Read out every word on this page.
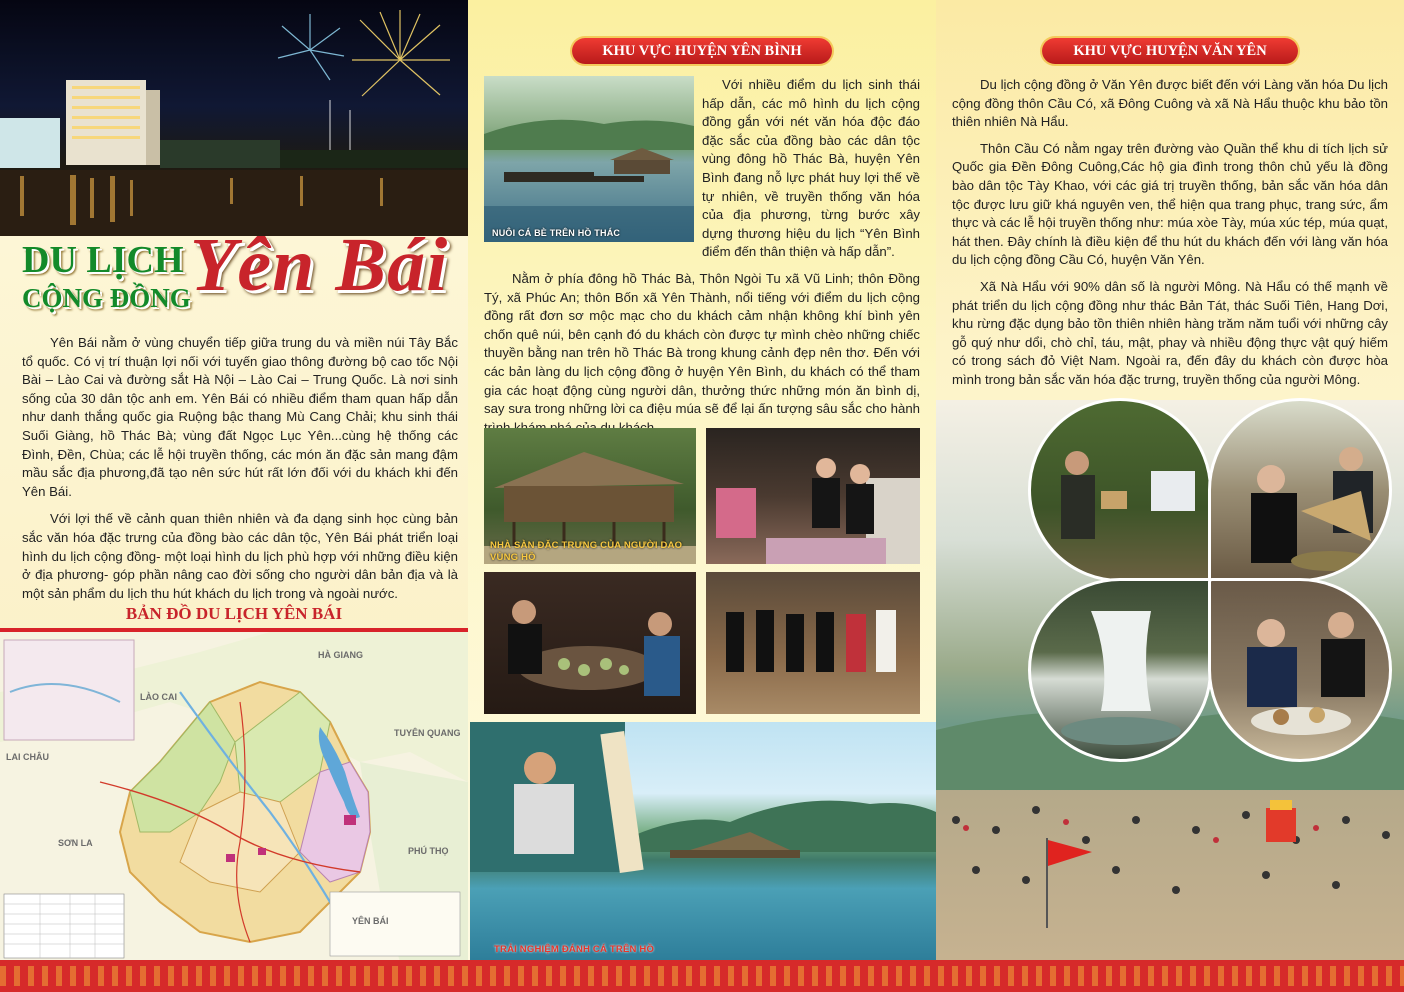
DU LỊCH
CỘNG ĐỒNG Yên Bái

Yên Bái nằm ở vùng chuyển tiếp giữa trung du và miền núi Tây Bắc tổ quốc. Có vị trí thuận lợi nối với tuyến giao thông đường bộ cao tốc Nội Bài – Lào Cai và đường sắt Hà Nội – Lào Cai – Trung Quốc. Là nơi sinh sống của 30 dân tộc anh em. Yên Bái có nhiều điểm tham quan hấp dẫn như danh thắng quốc gia Ruộng bậc thang Mù Cang Chải; khu sinh thái Suối Giàng, hồ Thác Bà; vùng đất Ngọc Lục Yên...cùng hệ thống các Đình, Đền, Chùa; các lễ hội truyền thống, các món ăn đặc sản mang đậm mầu sắc địa phương,đã tạo nên sức hút rất lớn đối với du khách khi đến Yên Bái.

Với lợi thế về cảnh quan thiên nhiên và đa dạng sinh học cùng bản sắc văn hóa đặc trưng của đồng bào các dân tộc, Yên Bái phát triển loại hình du lịch cộng đồng- một loại hình du lịch phù hợp với những điều kiện ở địa phương- góp phần nâng cao đời sống cho người dân bản địa và là một sản phẩm du lịch thu hút khách du lịch trong và ngoài nước.

BẢN ĐỒ DU LỊCH YÊN BÁI
LÀO CAI
HÀ GIANG
TUYÊN QUANG
LAI CHÂU
SƠN LA
PHÚ THỌ
YÊN BÁI
KHU VỰC HUYỆN YÊN BÌNH
NUÔI CÁ BÈ TRÊN HỒ THÁC

Với nhiều điểm du lịch sinh thái hấp dẫn, các mô hình du lịch cộng đồng gắn với nét văn hóa độc đáo đặc sắc của đồng bào các dân tộc vùng đông hồ Thác Bà, huyện Yên Bình đang nỗ lực phát huy lợi thế về tự nhiên, về truyền thống văn hóa của địa phương, từng bước xây dựng thương hiệu du lịch “Yên Bình điểm đến thân thiện và hấp dẫn”.

Nằm ở phía đông hồ Thác Bà, Thôn Ngòi Tu xã Vũ Linh; thôn Đồng Tý, xã Phúc An; thôn Bốn xã Yên Thành, nổi tiếng với điểm du lịch cộng đồng rất đơn sơ mộc mạc cho du khách cảm nhận không khí bình yên chốn quê núi, bên cạnh đó du khách còn được tự mình chèo những chiếc thuyền bằng nan trên hồ Thác Bà trong khung cảnh đẹp nên thơ. Đến với các bản làng du lịch cộng đồng ở huyện Yên Bình, du khách có thể tham gia các hoạt động cùng người dân, thưởng thức những món ăn bình dị, say sưa trong những lời ca điệu múa sẽ để lại ấn tượng sâu sắc cho hành

NHÀ SÀN ĐẶC TRƯNG CỦA NGƯỜI DAO
VÙNG HỒ
TRẢI NGHIỆM ĐÁNH CÁ TRÊN HỒ
KHU VỰC HUYỆN VĂN YÊN

Du lịch cộng đồng ở Văn Yên được biết đến với Làng văn hóa Du lịch cộng đồng thôn Cầu Có, xã Đông Cuông và xã Nà Hẩu thuộc khu bảo tồn thiên nhiên Nà Hẩu.

Thôn Cầu Có nằm ngay trên đường vào Quần thể khu di tích lịch sử Quốc gia Đền Đông Cuông,Các hộ gia đình trong thôn chủ yếu là đồng bào dân tộc Tày Khao, với các giá trị truyền thống, bản sắc văn hóa dân tộc được lưu giữ khá nguyên ven, thể hiện qua trang phục, trang sức, ẩm thực và các lễ hội truyền thống như: múa xòe Tày, múa xúc tép, múa quạt, hát then. Đây chính là điều kiện để thu hút du khách đến với làng văn hóa du lịch cộng đồng Cầu Có, huyện Văn Yên.

Xã Nà Hẩu với 90% dân số là người Mông. Nà Hẩu có thế mạnh về phát triển du lịch cộng đồng như thác Bản Tát, thác Suối Tiên, Hang Dơi, khu rừng đặc dụng bảo tồn thiên nhiên hàng trăm năm tuổi với những cây gỗ quý như dổi, chò chỉ, táu, mật, phay và nhiều động thực vật quý hiếm có trong sách đỏ Việt Nam. Ngoài ra, đến đây du khách còn được hòa mình trong bản sắc văn hóa đặc trưng, truyền thống của người Mông.
